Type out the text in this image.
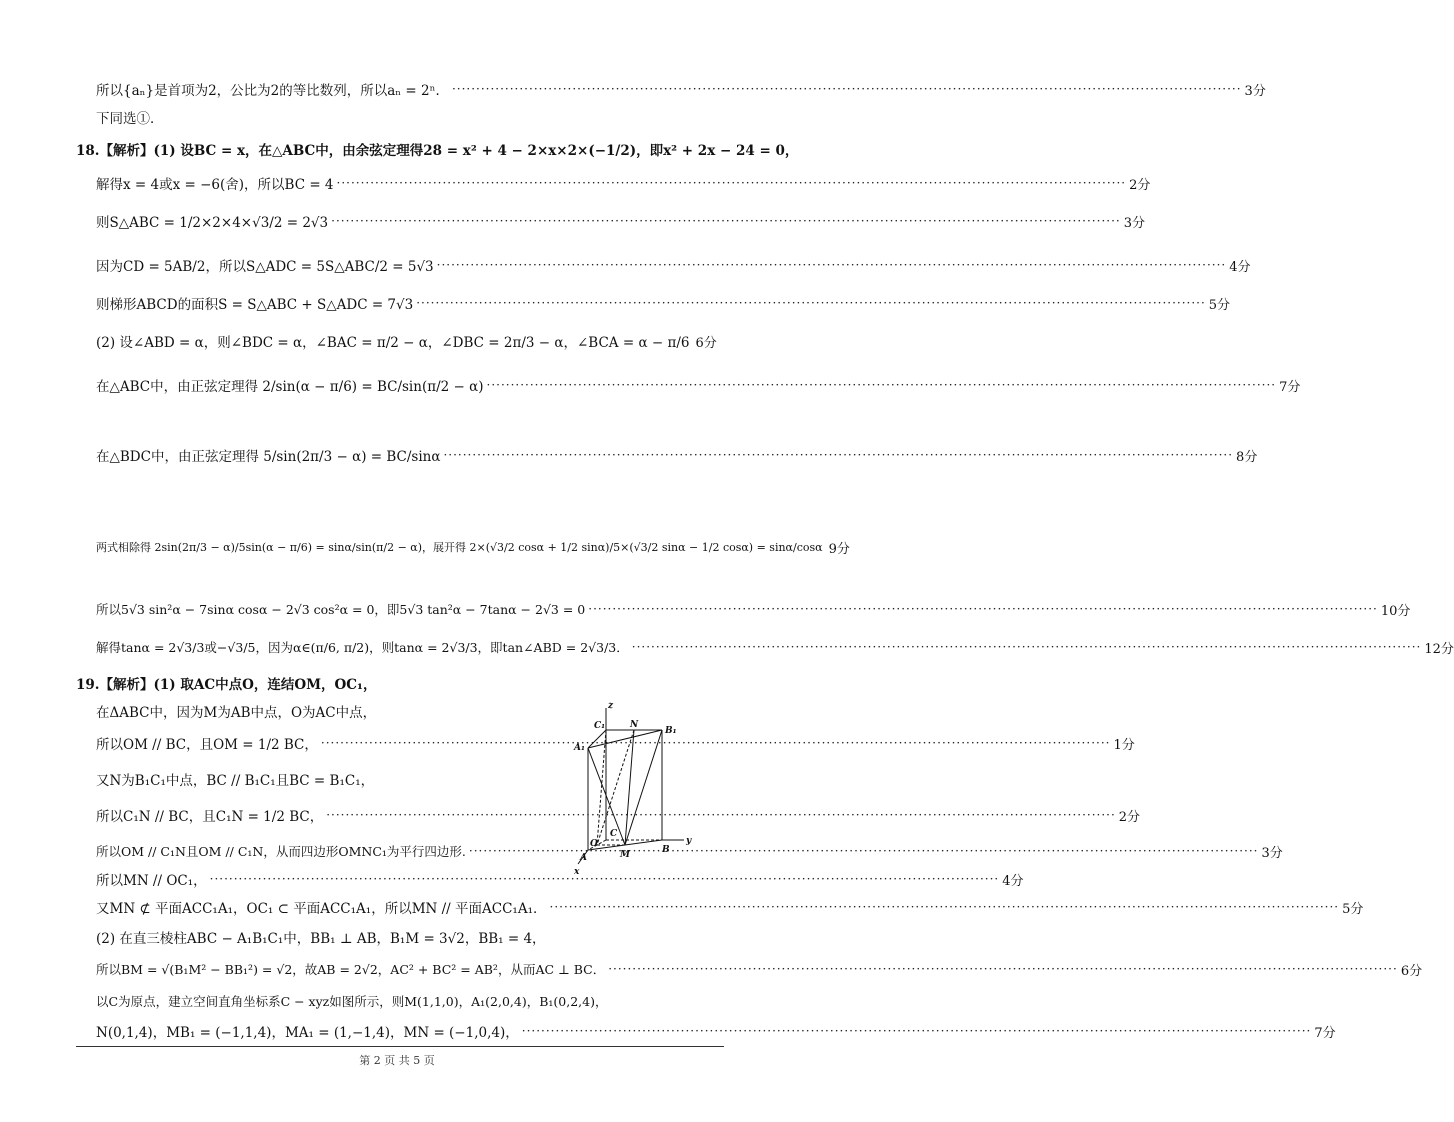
所以{aₙ}是首项为2，公比为2的等比数列，所以aₙ = 2ⁿ． ·····	3分
下同选①．
18.【解析】(1) 设BC = x，在△ABC中，由余弦定理得28 = x² + 4 − 2×x×2×(−1/2)，即x² + 2x − 24 = 0，
解得x = 4或x = −6(舍)，所以BC = 4 ·····	2分
则S△ABC = 1/2×2×4×√3/2 = 2√3 ·····	3分
因为CD = 5AB/2，所以S△ADC = 5S△ABC/2 = 5√3 ·····	4分
则梯形ABCD的面积S = S△ABC + S△ADC = 7√3 ·····	5分
(2) 设∠ABD = α，则∠BDC = α，∠BAC = π/2 − α，∠DBC = 2π/3 − α，∠BCA = α − π/6 6分
在△ABC中，由正弦定理得 2/sin(α − π/6) = BC/sin(π/2 − α) ·····	7分
在△BDC中，由正弦定理得 5/sin(2π/3 − α) = BC/sinα ·····	8分
两式相除得 2sin(2π/3 − α)/5sin(α − π/6) = sinα/sin(π/2 − α)，展开得 2×(√3/2 cosα + 1/2 sinα)/5×(√3/2 sinα − 1/2 cosα) = sinα/cosα 9分
所以5√3 sin²α − 7sinα cosα − 2√3 cos²α = 0，即5√3 tan²α − 7tanα − 2√3 = 0 ·····	10分
解得tanα = 2√3/3或−√3/5，因为α∈(π/6, π/2)，则tanα = 2√3/3，即tan∠ABD = 2√3/3． ·····	12分
19.【解析】(1) 取AC中点O，连结OM，OC₁，
在ΔABC中，因为M为AB中点，O为AC中点，
所以OM // BC，且OM = 1/2 BC， ·····	1分
又N为B₁C₁中点，BC // B₁C₁且BC = B₁C₁，
所以C₁N // BC，且C₁N = 1/2 BC， ·····	2分
所以OM // C₁N且OM // C₁N，从而四边形OMNC₁为平行四边形. ·····	3分
所以MN // OC₁， ·····	4分
又MN ⊄ 平面ACC₁A₁，OC₁ ⊂ 平面ACC₁A₁，所以MN // 平面ACC₁A₁． ·····	5分
(2) 在直三棱柱ABC − A₁B₁C₁中，BB₁ ⊥ AB，B₁M = 3√2，BB₁ = 4，
所以BM = √(B₁M² − BB₁²) = √2，故AB = 2√2，AC² + BC² = AB²，从而AC ⊥ BC． ·····	6分
以C为原点，建立空间直角坐标系C − xyz如图所示，则M(1,1,0)，A₁(2,0,4)，B₁(0,2,4)，
N(0,1,4)，MB₁ = (−1,1,4)，MA₁ = (1,−1,4)，MN = (−1,0,4)， ·····	7分
z
C₁	N
B₁
A₁
C
O
M	B
y
A
x
第 2 页 共 5 页
